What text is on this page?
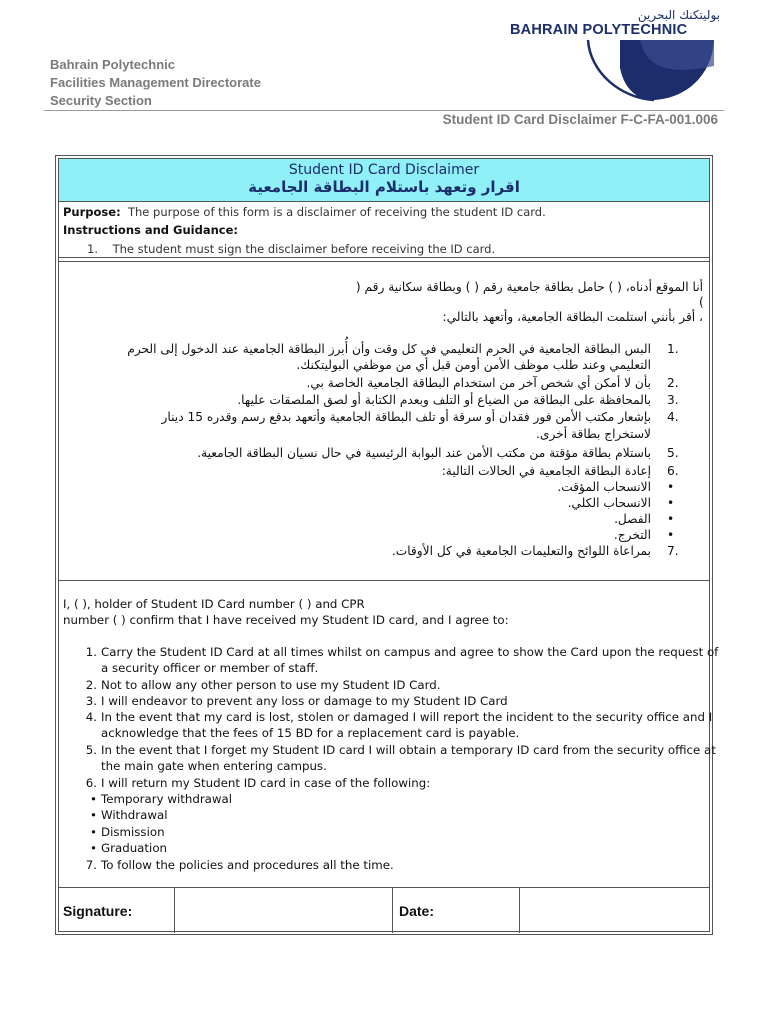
Bahrain Polytechnic
Facilities Management Directorate
Security Section
بوليتكنك البحرين
BAHRAIN POLYTECHNIC
Student ID Card Disclaimer F-C-FA-001.006
Student ID Card Disclaimer
اقرار وتعهد باستلام البطاقة الجامعية
Purpose: The purpose of this form is a disclaimer of receiving the student ID card.
Instructions and Guidance:
1. The student must sign the disclaimer before receiving the ID card.
أنا الموقع أدناه، ( ) حامل بطاقة جامعية رقم ( ) وبطاقة سكانية رقم (
)
، أقر بأنني استلمت البطاقة الجامعية، وأتعهد بالتالي:
1.
البس البطاقة الجامعية في الحرم التعليمي في كل وقت وأن أُبرز البطاقة الجامعية عند الدخول إلى الحرم
التعليمي وعند طلب موظف الأمن أومن قبل أي من موظفي البوليتكنك.
2.
بأن لا أمكن أي شخص آخر من استخدام البطاقة الجامعية الخاصة بي.
3.
بالمحافظة على البطاقة من الضياع أو التلف وبعدم الكتابة أو لصق الملصقات عليها.
4.
بإشعار مكتب الأمن فور فقدان أو سرقة أو تلف البطاقة الجامعية وأتعهد بدفع رسم وقدره 15 دينار
لاستخراج بطاقة أخرى.
5.
باستلام بطاقة مؤقتة من مكتب الأمن عند البوابة الرئيسية في حال نسيان البطاقة الجامعية.
6.
إعادة البطاقة الجامعية في الحالات التالية:
•
الانسحاب المؤقت.
•
الانسحاب الكلي.
•
الفصل.
•
التخرج.
7.
بمراعاة اللوائح والتعليمات الجامعية في كل الأوقات.
I, ( ), holder of Student ID Card number ( ) and CPR
number ( ) confirm that I have received my Student ID card, and I agree to:
1. Carry the Student ID Card at all times whilst on campus and agree to show the Card upon the request of
a security officer or member of staff.
2. Not to allow any other person to use my Student ID Card.
3. I will endeavor to prevent any loss or damage to my Student ID Card
4. In the event that my card is lost, stolen or damaged I will report the incident to the security office and I
acknowledge that the fees of 15 BD for a replacement card is payable.
5. In the event that I forget my Student ID card I will obtain a temporary ID card from the security office at
the main gate when entering campus.
6. I will return my Student ID card in case of the following:
• Temporary withdrawal
• Withdrawal
• Dismission
• Graduation
7. To follow the policies and procedures all the time.
Signature:	Date:
